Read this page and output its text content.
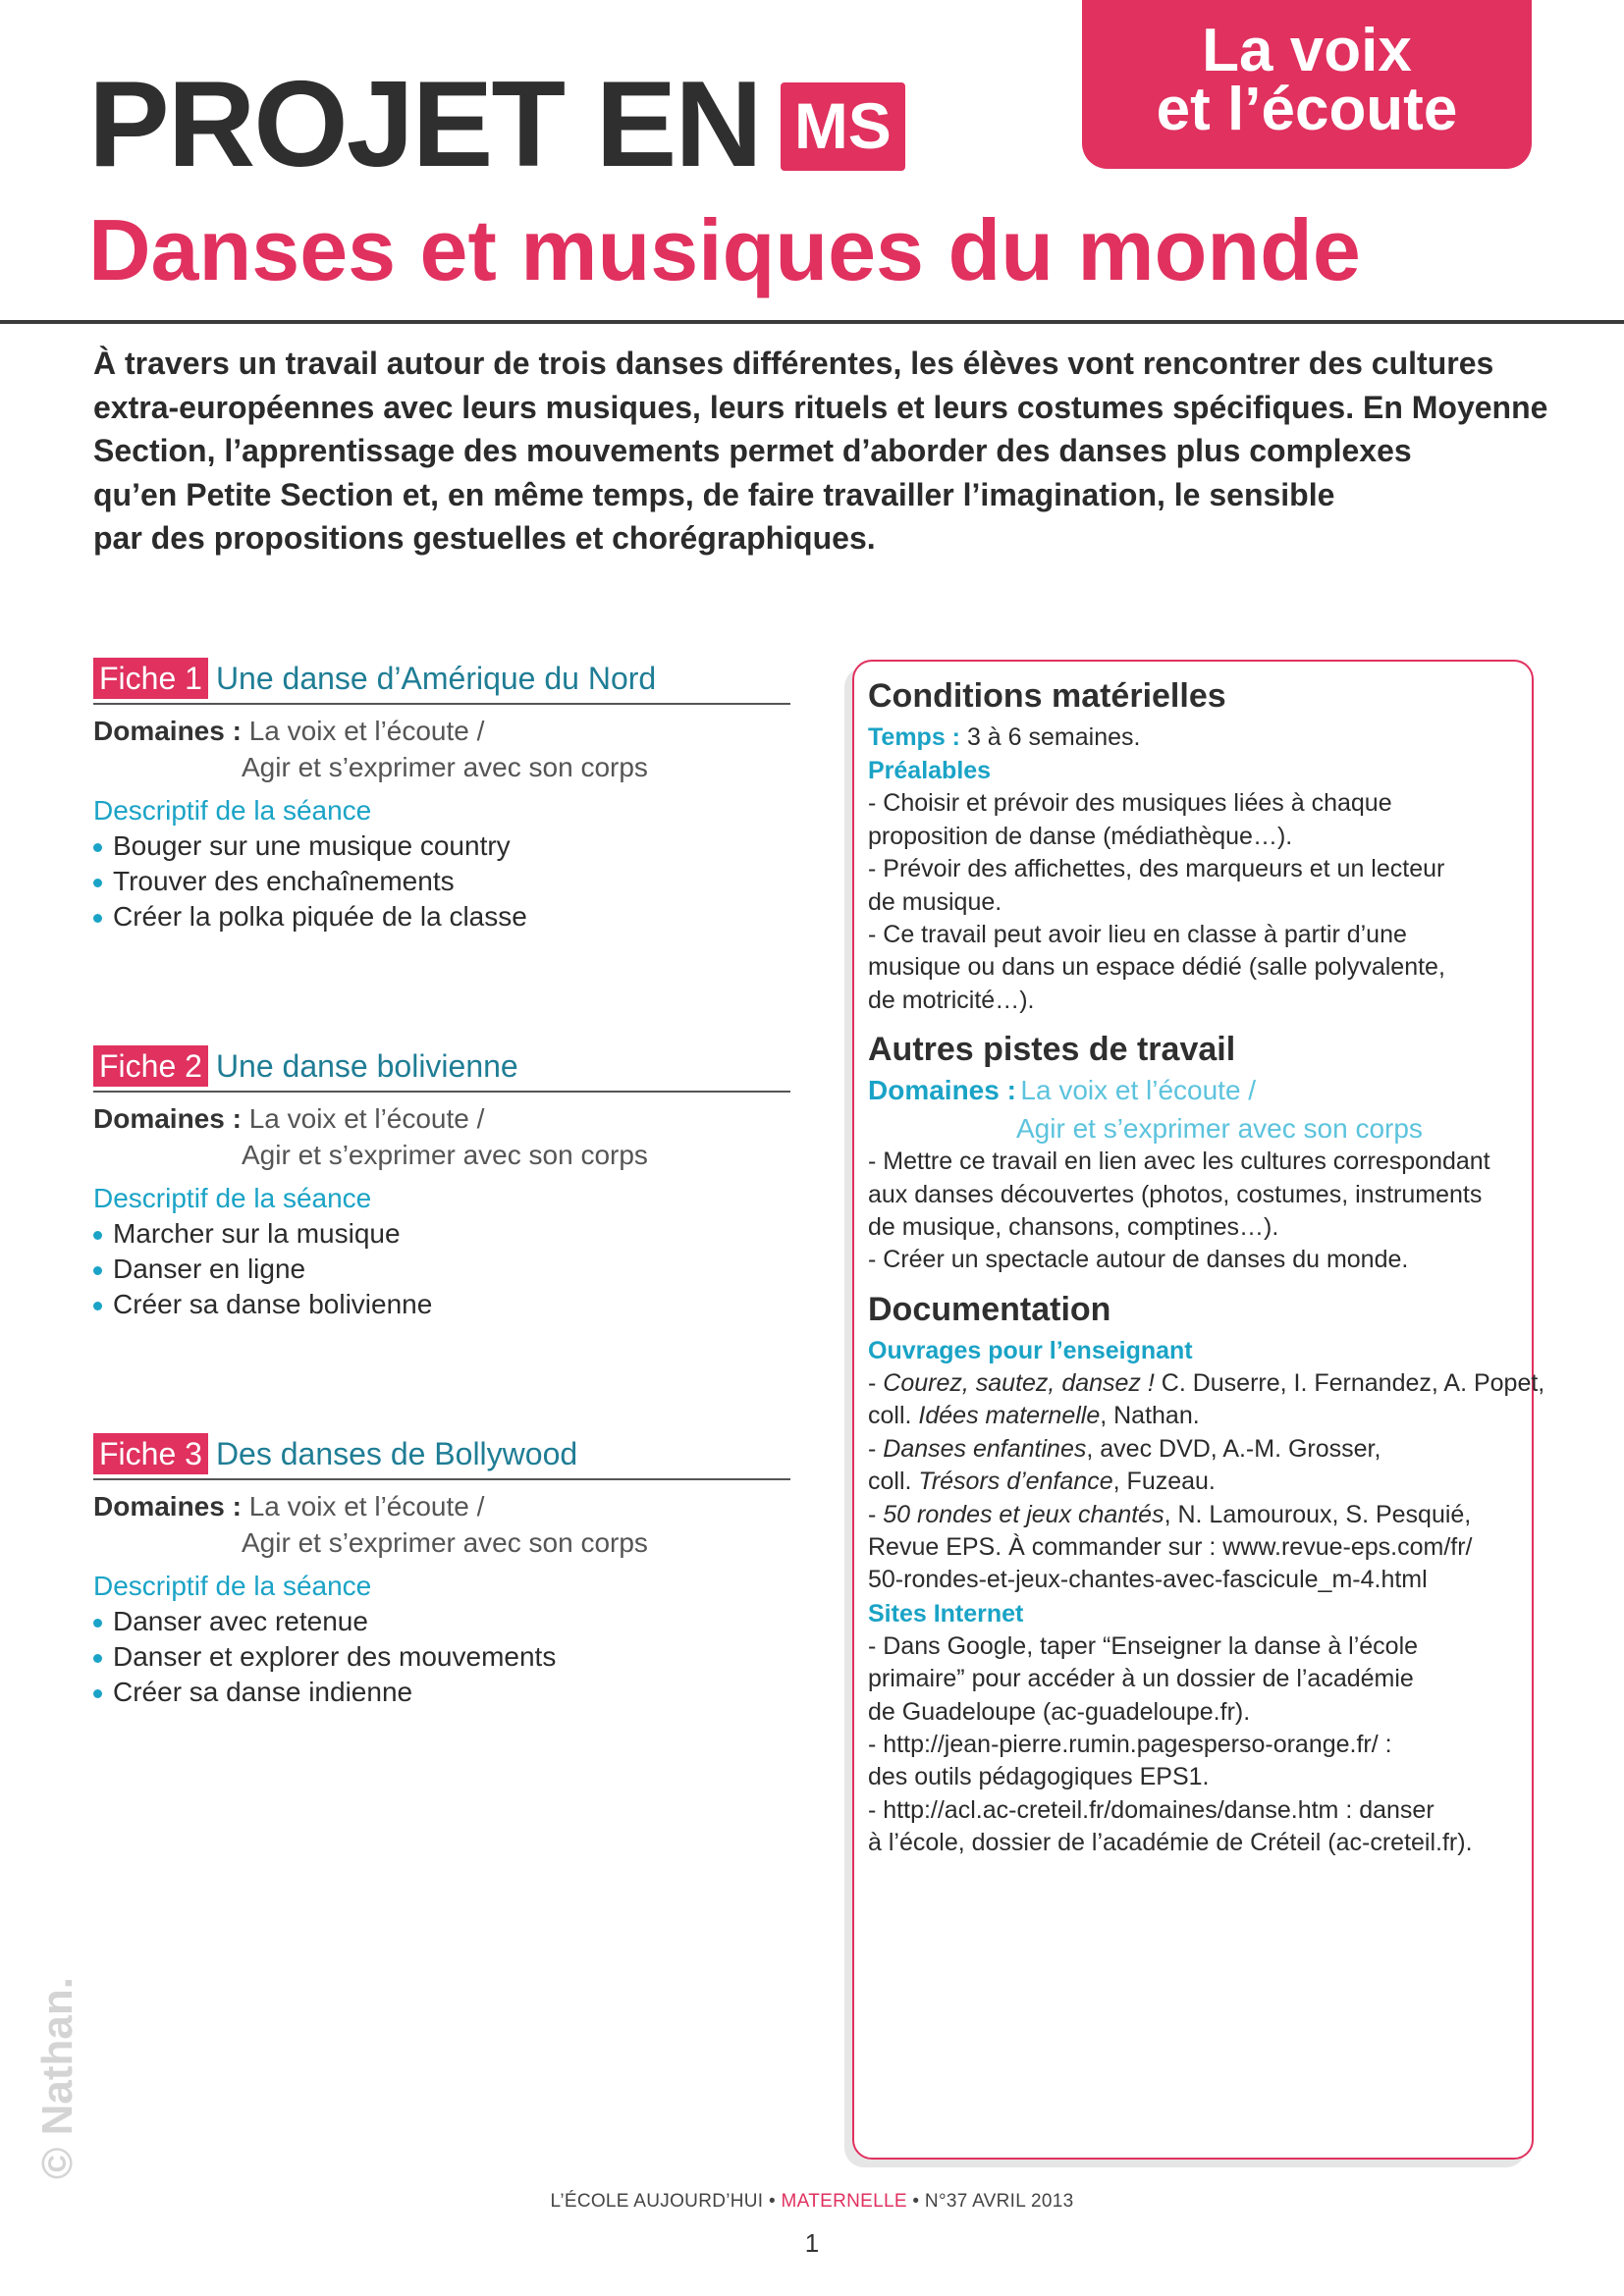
La voix
et l’écoute
PROJET EN MS
Danses et musiques du monde

À travers un travail autour de trois danses différentes, les élèves vont rencontrer des cultures

extra-européennes avec leurs musiques, leurs rituels et leurs costumes spécifiques. En Moyenne

Section, l’apprentissage des mouvements permet d’aborder des danses plus complexes

qu’en Petite Section et, en même temps, de faire travailler l’imagination, le sensible

par des propositions gestuelles et chorégraphiques.

Fiche 1 Une danse d’Amérique du Nord
Domaines : La voix et l’écoute /
Agir et s’exprimer avec son corps
Descriptif de la séance
Bouger sur une musique country
Trouver des enchaînements
Créer la polka piquée de la classe
Fiche 2 Une danse bolivienne
Domaines : La voix et l’écoute /
Agir et s’exprimer avec son corps
Descriptif de la séance
Marcher sur la musique
Danser en ligne
Créer sa danse bolivienne
Fiche 3 Des danses de Bollywood
Domaines : La voix et l’écoute /
Agir et s’exprimer avec son corps
Descriptif de la séance
Danser avec retenue
Danser et explorer des mouvements
Créer sa danse indienne
Conditions matérielles
Temps : 3 à 6 semaines.
Préalables
- Choisir et prévoir des musiques liées à chaque
proposition de danse (médiathèque…).
- Prévoir des affichettes, des marqueurs et un lecteur
de musique.
- Ce travail peut avoir lieu en classe à partir d’une
musique ou dans un espace dédié (salle polyvalente,
de motricité…).
Autres pistes de travail
Domaines : La voix et l’écoute /
Agir et s’exprimer avec son corps
- Mettre ce travail en lien avec les cultures correspondant
aux danses découvertes (photos, costumes, instruments
de musique, chansons, comptines…).
- Créer un spectacle autour de danses du monde.
Documentation
Ouvrages pour l’enseignant
- Courez, sautez, dansez ! C. Duserre, I. Fernandez, A. Popet,
coll. Idées maternelle, Nathan.
- Danses enfantines, avec DVD, A.-M. Grosser,
coll. Trésors d’enfance, Fuzeau.
- 50 rondes et jeux chantés, N. Lamouroux, S. Pesquié,
Revue EPS. À commander sur : www.revue-eps.com/fr/
50-rondes-et-jeux-chantes-avec-fascicule_m-4.html
Sites Internet
- Dans Google, taper “Enseigner la danse à l’école
primaire” pour accéder à un dossier de l’académie
de Guadeloupe (ac-guadeloupe.fr).
- http://jean-pierre.rumin.pagesperso-orange.fr/ :
des outils pédagogiques EPS1.
- http://acl.ac-creteil.fr/domaines/danse.htm : danser
à l’école, dossier de l’académie de Créteil (ac-creteil.fr).
© Nathan.
L’ÉCOLE AUJOURD’HUI • MATERNELLE • N°37 AVRIL 2013
1
